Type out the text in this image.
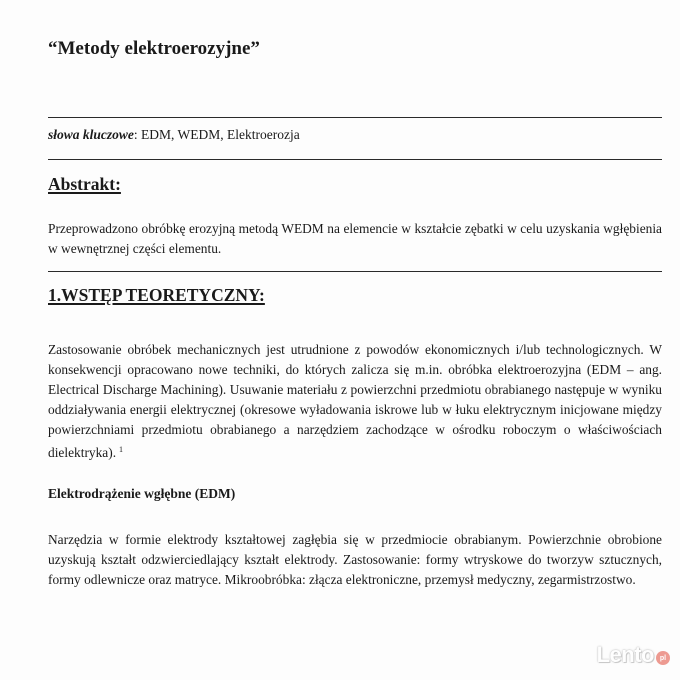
“Metody elektroerozyjne”
słowa kluczowe: EDM, WEDM, Elektroerozja
Abstrakt:

Przeprowadzono obróbkę erozyjną metodą WEDM na elemencie w kształcie zębatki w celu uzyskania wgłębienia w wewnętrznej części elementu.

1.WSTĘP TEORETYCZNY:

Zastosowanie obróbek mechanicznych jest utrudnione z powodów ekonomicznych i/lub technologicznych. W konsekwencji opracowano nowe techniki, do których zalicza się m.in. obróbka elektroerozyjna (EDM – ang. Electrical Discharge Machining). Usuwanie materiału z powierzchni przedmiotu obrabianego następuje w wyniku oddziaływania energii elektrycznej (okresowe wyładowania iskrowe lub w łuku elektrycznym inicjowane między powierzchniami przedmiotu obrabianego a narzędziem zachodzące w ośrodku roboczym o właściwościach dielektryka). $^1$

Elektrodrążenie wgłębne (EDM)

Narzędzia w formie elektrody kształtowej zagłębia się w przedmiocie obrabianym. Powierzchnie obrobione uzyskują kształt odzwierciedlający kształt elektrody. Zastosowanie: formy wtryskowe do tworzyw sztucznych, formy odlewnicze oraz matryce. Mikroobróbka: złącza elektroniczne, przemysł medyczny, zegarmistrzostwo.

Lento pl
